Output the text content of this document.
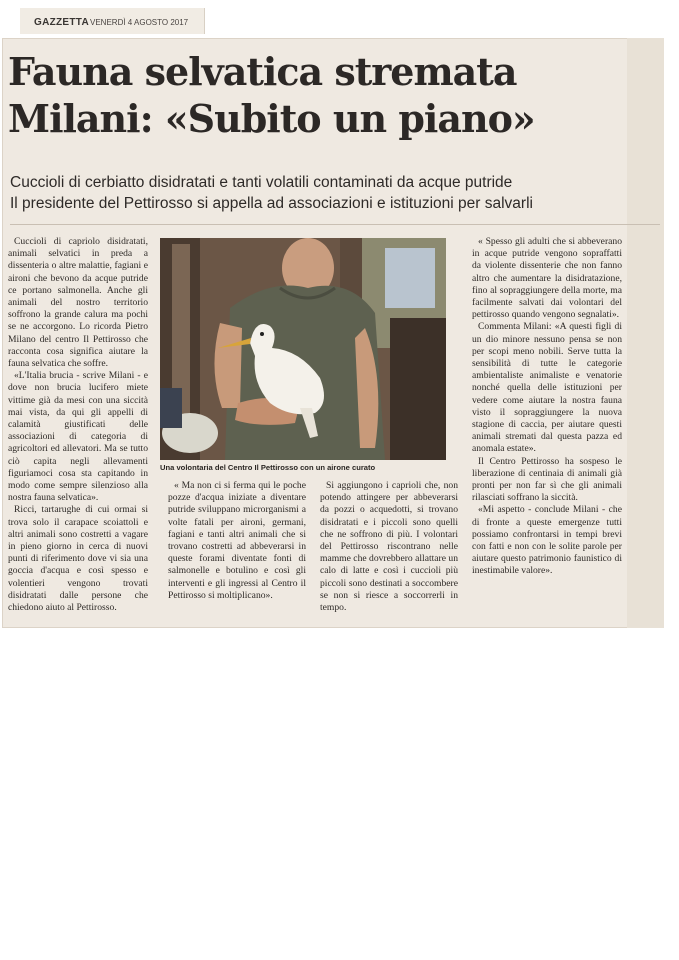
GAZZETTA VENERDÌ 4 AGOSTO 2017
Fauna selvatica stremata
Milani: «Subito un piano»
Cuccioli di cerbiatto disidratati e tanti volatili contaminati da acque putride
Il presidente del Pettirosso si appella ad associazioni e istituzioni per salvarli

Cuccioli di capriolo disidratati, animali selvatici in preda a dissenteria o altre malattie, fagiani e aironi che bevono da acque putride ce portano salmonella. Anche gli animali del nostro territorio soffrono la grande calura ma pochi se ne accorgono. Lo ricorda Pietro Milano del centro Il Pettirosso che racconta cosa significa aiutare la fauna selvatica che soffre.

«L'Italia brucia - scrive Milani - e dove non brucia lucifero miete vittime già da mesi con una siccità mai vista, da qui gli appelli di calamità giustificati delle associazioni di categoria di agricoltori ed allevatori. Ma se tutto ciò capita negli allevamenti figuriamoci cosa sta capitando in modo come sempre silenzioso alla nostra fauna selvatica».

Ricci, tartarughe di cui ormai si trova solo il carapace scoiattoli e altri animali sono costretti a vagare in pieno giorno in cerca di nuovi punti di riferimento dove vi sia una goccia d'acqua e così spesso e volentieri vengono trovati disidratati dalle persone che chiedono aiuto al Pettirosso.

Una volontaria del Centro Il Pettirosso con un airone curato

« Ma non ci si ferma qui le poche pozze d'acqua iniziate a diventare putride sviluppano microrganismi a volte fatali per aironi, germani, fagiani e tanti altri animali che si trovano costretti ad abbeverarsi in queste forami diventate fonti di salmonelle e botulino e così gli interventi e gli ingressi al Centro il Pettirosso si moltiplicano».

Si aggiungono i caprioli che, non potendo attingere per abbeverarsi da pozzi o acquedotti, si trovano disidratati e i piccoli sono quelli che ne soffrono di più. I volontari del Pettirosso riscontrano nelle mamme che dovrebbero allattare un calo di latte e così i cuccioli più piccoli sono destinati a soccombere se non si riesce a soccorrerli in tempo.

« Spesso gli adulti che si abbeverano in acque putride vengono sopraffatti da violente dissenterie che non fanno altro che aumentare la disidratazione, fino al sopraggiungere della morte, ma facilmente salvati dai volontari del pettirosso quando vengono segnalati».

Commenta Milani: «A questi figli di un dio minore nessuno pensa se non per scopi meno nobili. Serve tutta la sensibilità di tutte le categorie ambientaliste animaliste e venatorie nonché quella delle istituzioni per vedere come aiutare la nostra fauna visto il sopraggiungere la nuova stagione di caccia, per aiutare questi animali stremati dal questa pazza ed anomala estate».

Il Centro Pettirosso ha sospeso le liberazione di centinaia di animali già pronti per non far sì che gli animali rilasciati soffrano la siccità.

«Mi aspetto - conclude Milani - che di fronte a queste emergenze tutti possiamo confrontarsi in tempi brevi con fatti e non con le solite parole per aiutare questo patrimonio faunistico di inestimabile valore».
